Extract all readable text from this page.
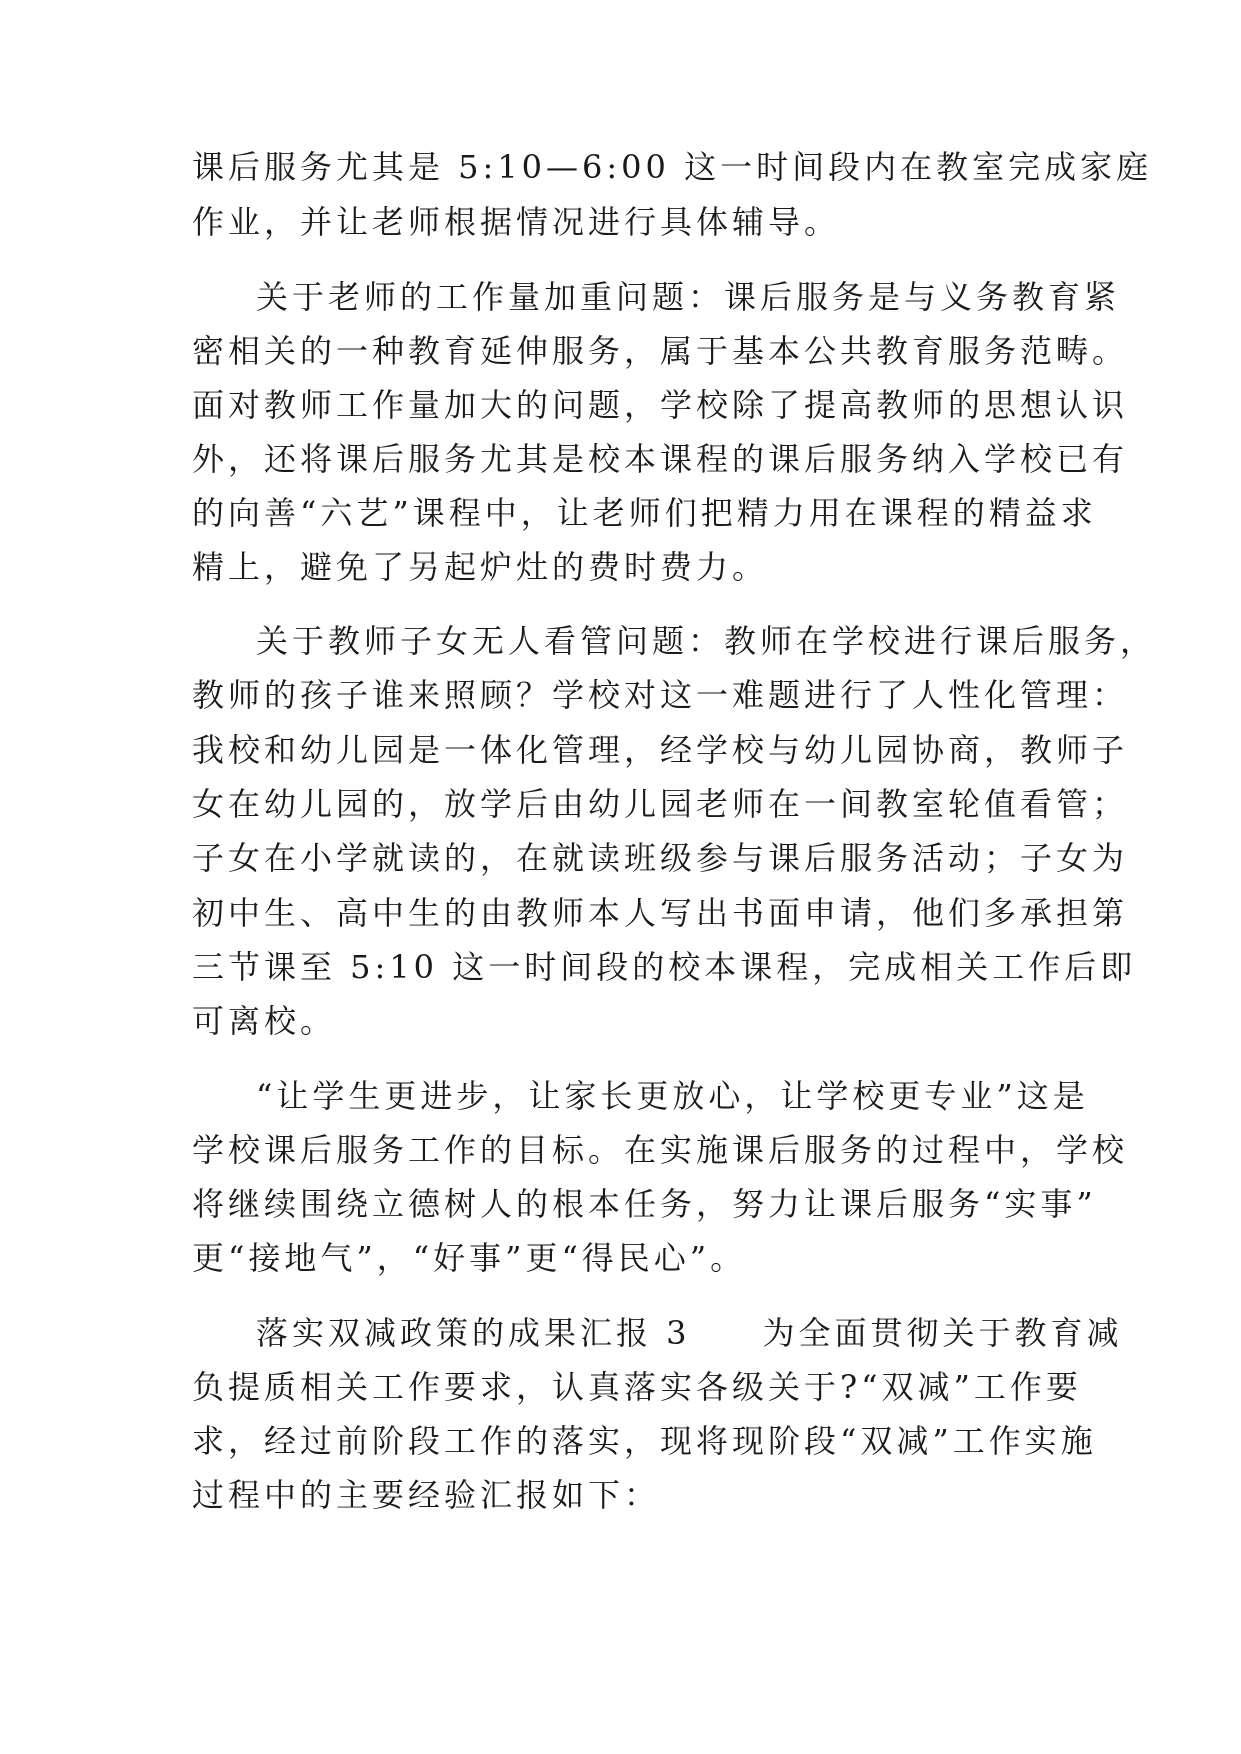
课后服务尤其是 5:10—6:00 这一时间段内在教室完成家庭
作业，并让老师根据情况进行具体辅导。
关于老师的工作量加重问题：课后服务是与义务教育紧
密相关的一种教育延伸服务，属于基本公共教育服务范畴。
面对教师工作量加大的问题，学校除了提高教师的思想认识
外，还将课后服务尤其是校本课程的课后服务纳入学校已有
的向善“六艺”课程中，让老师们把精力用在课程的精益求
精上，避免了另起炉灶的费时费力。
关于教师子女无人看管问题：教师在学校进行课后服务，
教师的孩子谁来照顾？学校对这一难题进行了人性化管理：
我校和幼儿园是一体化管理，经学校与幼儿园协商，教师子
女在幼儿园的，放学后由幼儿园老师在一间教室轮值看管；
子女在小学就读的，在就读班级参与课后服务活动；子女为
初中生、高中生的由教师本人写出书面申请，他们多承担第
三节课至 5:10 这一时间段的校本课程，完成相关工作后即
可离校。
“让学生更进步，让家长更放心，让学校更专业”这是
学校课后服务工作的目标。在实施课后服务的过程中，学校
将继续围绕立德树人的根本任务，努力让课后服务“实事”
更“接地气”，“好事”更“得民心”。
落实双减政策的成果汇报 3　　为全面贯彻关于教育减
负提质相关工作要求，认真落实各级关于?“双减”工作要
求，经过前阶段工作的落实，现将现阶段“双减”工作实施
过程中的主要经验汇报如下：
